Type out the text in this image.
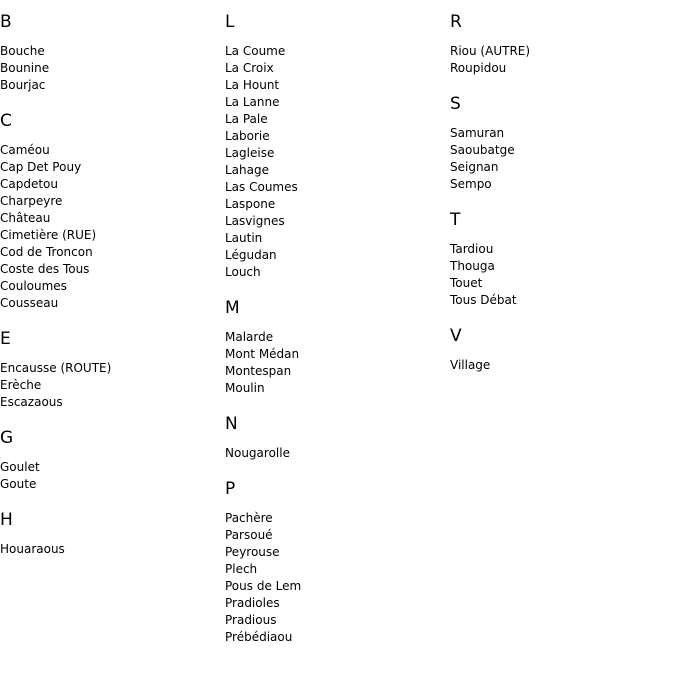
B
Bouche
Bounine
Bourjac
C
Caméou
Cap Det Pouy
Capdetou
Charpeyre
Château
Cimetière (RUE)
Cod de Troncon
Coste des Tous
Couloumes
Cousseau
E
Encausse (ROUTE)
Erèche
Escazaous
G
Goulet
Goute
H
Houaraous
L
La Coume
La Croix
La Hount
La Lanne
La Pale
Laborie
Lagleise
Lahage
Las Coumes
Laspone
Lasvignes
Lautin
Légudan
Louch
M
Malarde
Mont Médan
Montespan
Moulin
N
Nougarolle
P
Pachère
Parsoué
Peyrouse
Plech
Pous de Lem
Pradioles
Pradious
Prébédiaou
R
Riou (AUTRE)
Roupidou
S
Samuran
Saoubatge
Seignan
Sempo
T
Tardiou
Thouga
Touet
Tous Débat
V
Village
